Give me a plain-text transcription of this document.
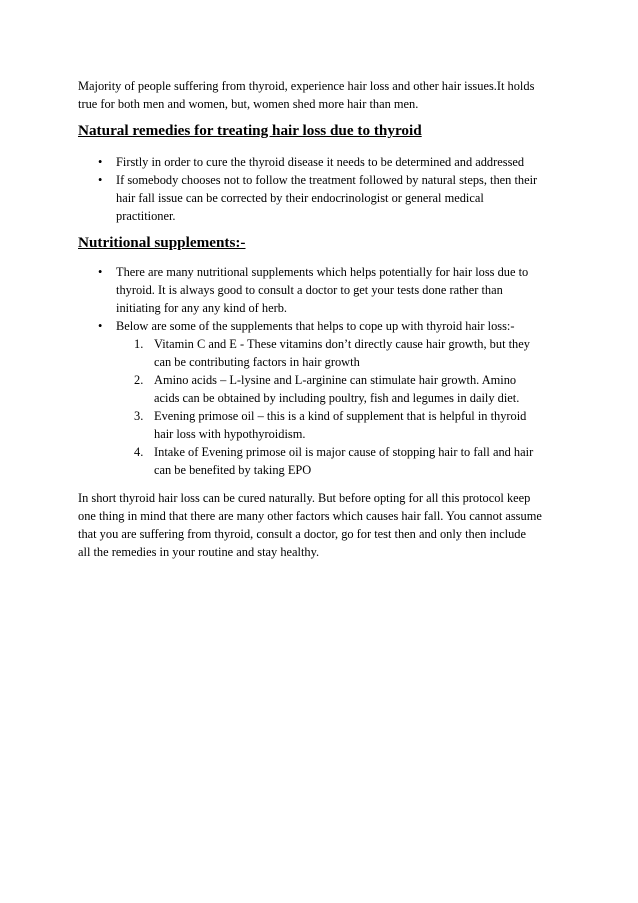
Majority of people suffering from thyroid, experience hair loss and other hair issues.It holds
true for both men and women, but, women shed more hair than men.
Natural remedies for treating hair loss due to thyroid
• Firstly in order to cure the thyroid disease it needs to be determined and addressed
• If somebody chooses not to follow the treatment followed by natural steps, then their
hair fall issue can be corrected by their endocrinologist or general medical
practitioner.
Nutritional supplements:-
• There are many nutritional supplements which helps potentially for hair loss due to
thyroid. It is always good to consult a doctor to get your tests done rather than
initiating for any any kind of herb.
• Below are some of the supplements that helps to cope up with thyroid hair loss:-
1. Vitamin C and E - These vitamins don’t directly cause hair growth, but they
can be contributing factors in hair growth
2. Amino acids – L-lysine and L-arginine can stimulate hair growth. Amino
acids can be obtained by including poultry, fish and legumes in daily diet.
3. Evening primose oil – this is a kind of supplement that is helpful in thyroid
hair loss with hypothyroidism.
4. Intake of Evening primose oil is major cause of stopping hair to fall and hair
can be benefited by taking EPO
In short thyroid hair loss can be cured naturally. But before opting for all this protocol keep
one thing in mind that there are many other factors which causes hair fall. You cannot assume
that you are suffering from thyroid, consult a doctor, go for test then and only then include
all the remedies in your routine and stay healthy.
